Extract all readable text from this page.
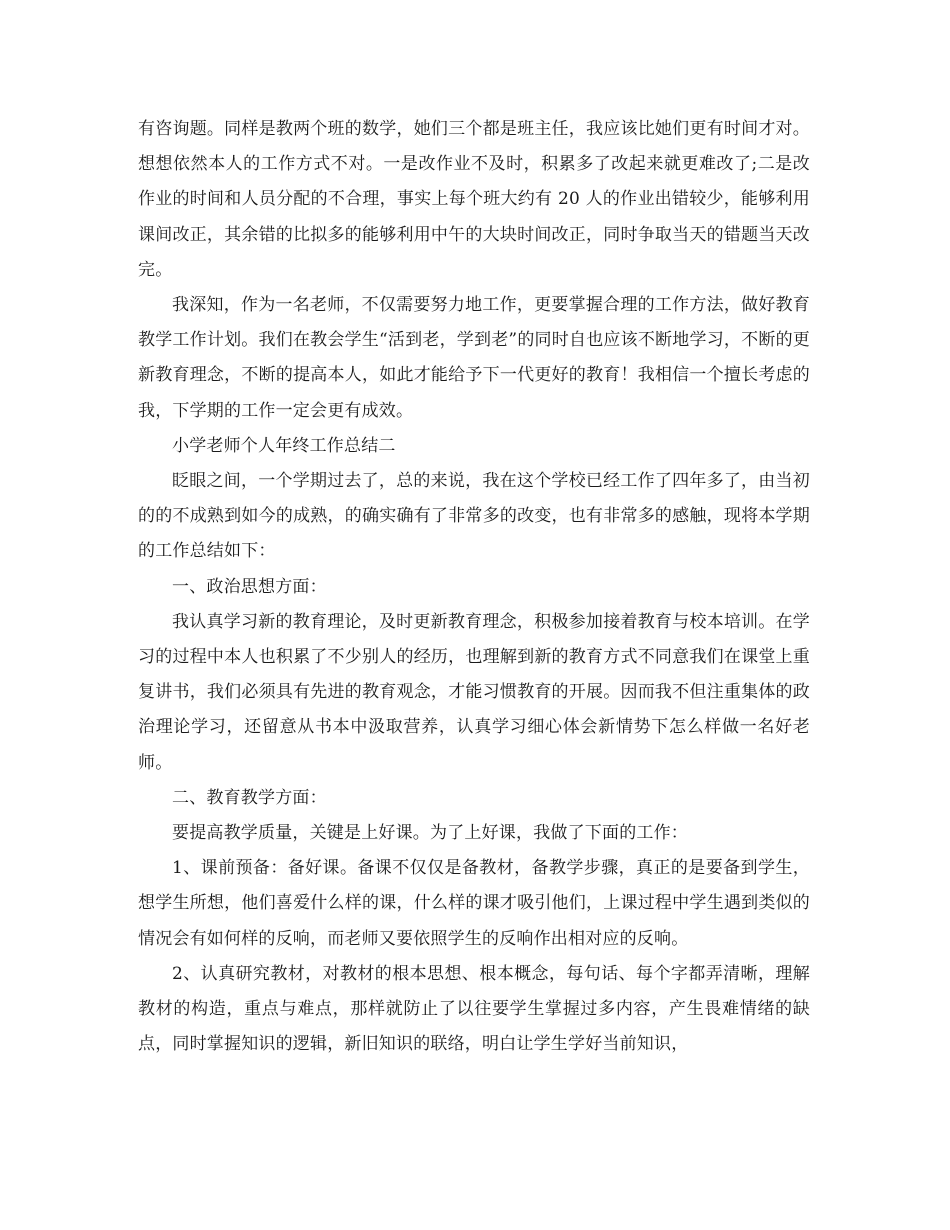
有咨询题。同样是教两个班的数学，她们三个都是班主任，我应该比她们更有时间才对。想想依然本人的工作方式不对。一是改作业不及时，积累多了改起来就更难改了;二是改作业的时间和人员分配的不合理，事实上每个班大约有 20 人的作业出错较少，能够利用课间改正，其余错的比拟多的能够利用中午的大块时间改正，同时争取当天的错题当天改完。

我深知，作为一名老师，不仅需要努力地工作，更要掌握合理的工作方法，做好教育教学工作计划。我们在教会学生“活到老，学到老”的同时自也应该不断地学习，不断的更新教育理念，不断的提高本人，如此才能给予下一代更好的教育！我相信一个擅长考虑的我，下学期的工作一定会更有成效。

小学老师个人年终工作总结二

眨眼之间，一个学期过去了，总的来说，我在这个学校已经工作了四年多了，由当初的的不成熟到如今的成熟，的确实确有了非常多的改变，也有非常多的感触，现将本学期的工作总结如下：

一、政治思想方面：

我认真学习新的教育理论，及时更新教育理念，积极参加接着教育与校本培训。在学习的过程中本人也积累了不少别人的经历，也理解到新的教育方式不同意我们在课堂上重复讲书，我们必须具有先进的教育观念，才能习惯教育的开展。因而我不但注重集体的政治理论学习，还留意从书本中汲取营养，认真学习细心体会新情势下怎么样做一名好老师。

二、教育教学方面：

要提高教学质量，关键是上好课。为了上好课，我做了下面的工作：

1、课前预备：备好课。备课不仅仅是备教材，备教学步骤，真正的是要备到学生，想学生所想，他们喜爱什么样的课，什么样的课才吸引他们，上课过程中学生遇到类似的情况会有如何样的反响，而老师又要依照学生的反响作出相对应的反响。

2、认真研究教材，对教材的根本思想、根本概念，每句话、每个字都弄清晰，理解教材的构造，重点与难点，那样就防止了以往要学生掌握过多内容，产生畏难情绪的缺点，同时掌握知识的逻辑，新旧知识的联络，明白让学生学好当前知识，
